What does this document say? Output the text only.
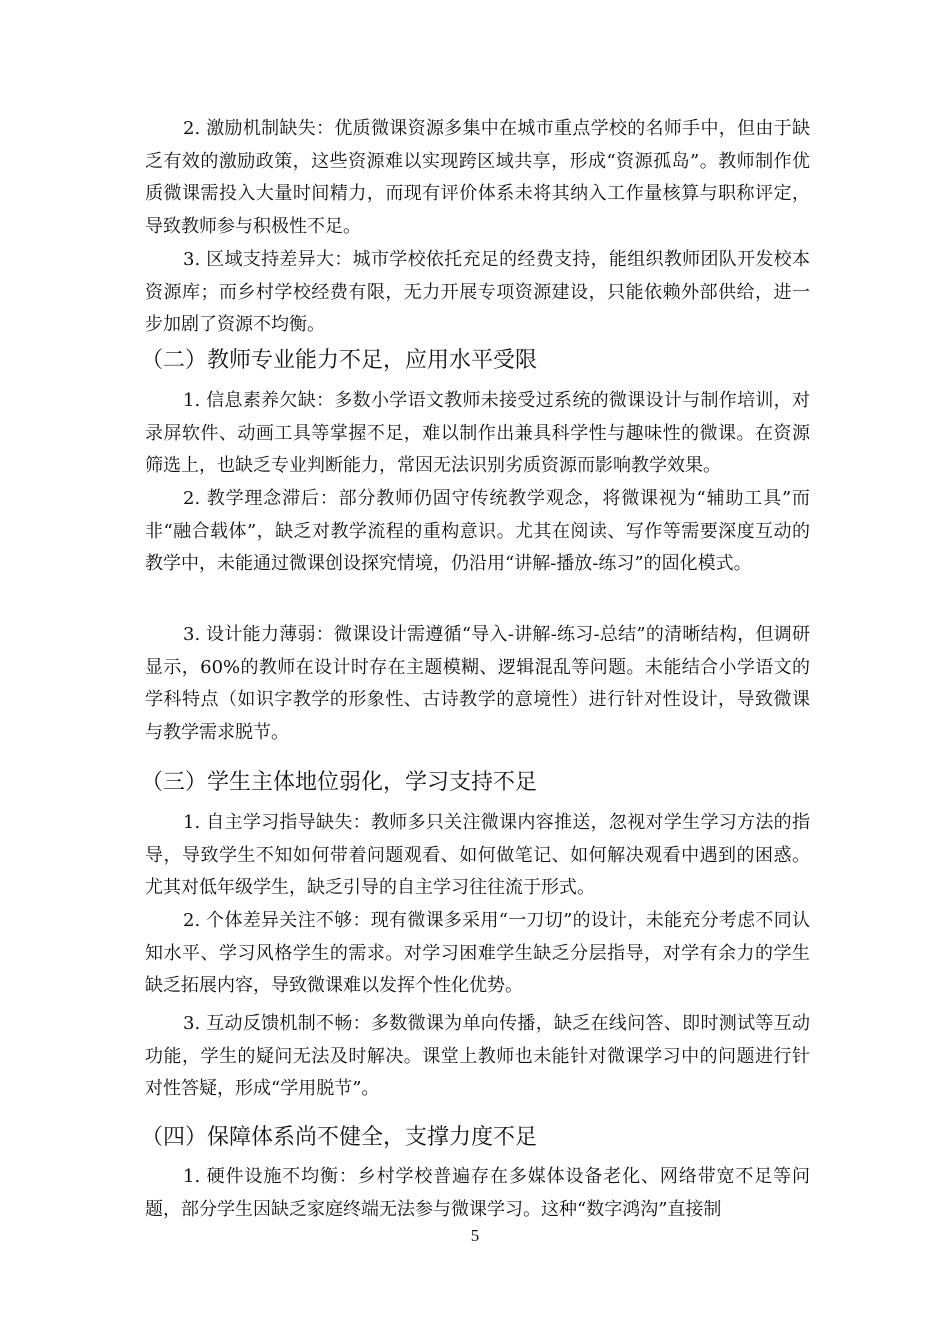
2. 激励机制缺失：优质微课资源多集中在城市重点学校的名师手中，但由于缺乏有效的激励政策，这些资源难以实现跨区域共享，形成“资源孤岛”。教师制作优质微课需投入大量时间精力，而现有评价体系未将其纳入工作量核算与职称评定，导致教师参与积极性不足。

3. 区域支持差异大：城市学校依托充足的经费支持，能组织教师团队开发校本资源库；而乡村学校经费有限，无力开展专项资源建设，只能依赖外部供给，进一步加剧了资源不均衡。

（二）教师专业能力不足，应用水平受限

1. 信息素养欠缺：多数小学语文教师未接受过系统的微课设计与制作培训，对录屏软件、动画工具等掌握不足，难以制作出兼具科学性与趣味性的微课。在资源筛选上，也缺乏专业判断能力，常因无法识别劣质资源而影响教学效果。

2. 教学理念滞后：部分教师仍固守传统教学观念，将微课视为“辅助工具”而非“融合载体”，缺乏对教学流程的重构意识。尤其在阅读、写作等需要深度互动的教学中，未能通过微课创设探究情境，仍沿用“讲解-播放-练习”的固化模式。

3. 设计能力薄弱：微课设计需遵循“导入-讲解-练习-总结”的清晰结构，但调研显示，60%的教师在设计时存在主题模糊、逻辑混乱等问题。未能结合小学语文的学科特点（如识字教学的形象性、古诗教学的意境性）进行针对性设计，导致微课与教学需求脱节。

（三）学生主体地位弱化，学习支持不足

1. 自主学习指导缺失：教师多只关注微课内容推送，忽视对学生学习方法的指导，导致学生不知如何带着问题观看、如何做笔记、如何解决观看中遇到的困惑。尤其对低年级学生，缺乏引导的自主学习往往流于形式。

2. 个体差异关注不够：现有微课多采用“一刀切”的设计，未能充分考虑不同认知水平、学习风格学生的需求。对学习困难学生缺乏分层指导，对学有余力的学生缺乏拓展内容，导致微课难以发挥个性化优势。

3. 互动反馈机制不畅：多数微课为单向传播，缺乏在线问答、即时测试等互动功能，学生的疑问无法及时解决。课堂上教师也未能针对微课学习中的问题进行针对性答疑，形成“学用脱节”。

（四）保障体系尚不健全，支撑力度不足

1. 硬件设施不均衡：乡村学校普遍存在多媒体设备老化、网络带宽不足等问题，部分学生因缺乏家庭终端无法参与微课学习。这种“数字鸿沟”直接制

5
